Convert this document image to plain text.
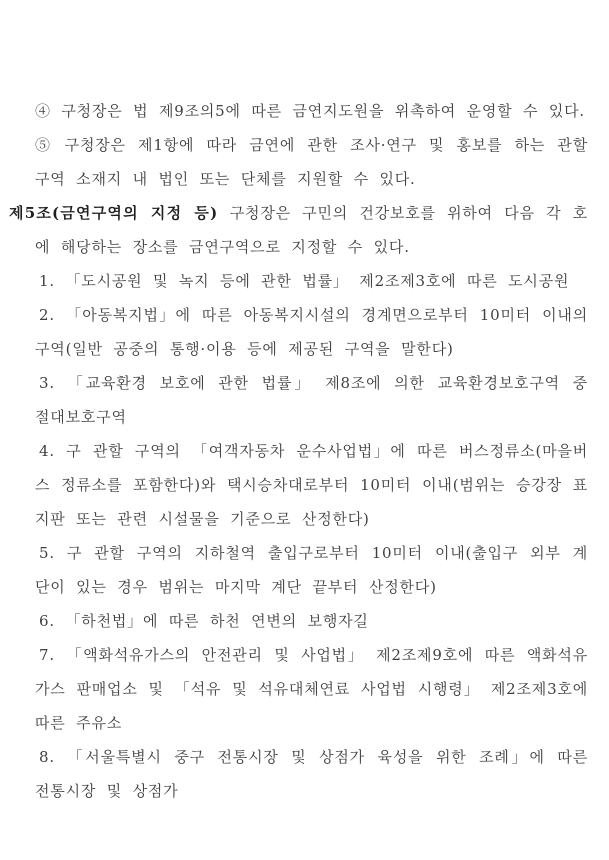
④ 구청장은 법 제9조의5에 따른 금연지도원을 위촉하여 운영할 수 있다.

⑤ 구청장은 제1항에 따라 금연에 관한 조사·연구 및 홍보를 하는 관할 구역 소재지 내 법인 또는 단체를 지원할 수 있다.

제5조(금연구역의 지정 등) 구청장은 구민의 건강보호를 위하여 다음 각 호에 해당하는 장소를 금연구역으로 지정할 수 있다.

1. 「도시공원 및 녹지 등에 관한 법률」 제2조제3호에 따른 도시공원

2. 「아동복지법」에 따른 아동복지시설의 경계면으로부터 10미터 이내의 구역(일반 공중의 통행·이용 등에 제공된 구역을 말한다)

3. 「교육환경 보호에 관한 법률」 제8조에 의한 교육환경보호구역 중 절대보호구역

4. 구 관할 구역의 「여객자동차 운수사업법」에 따른 버스정류소(마을버스 정류소를 포함한다)와 택시승차대로부터 10미터 이내(범위는 승강장 표지판 또는 관련 시설물을 기준으로 산정한다)

5. 구 관할 구역의 지하철역 출입구로부터 10미터 이내(출입구 외부 계단이 있는 경우 범위는 마지막 계단 끝부터 산정한다)

6. 「하천법」에 따른 하천 연변의 보행자길

7. 「액화석유가스의 안전관리 및 사업법」 제2조제9호에 따른 액화석유가스 판매업소 및 「석유 및 석유대체연료 사업법 시행령」 제2조제3호에 따른 주유소

8. 「서울특별시 중구 전통시장 및 상점가 육성을 위한 조례」에 따른 전통시장 및 상점가
